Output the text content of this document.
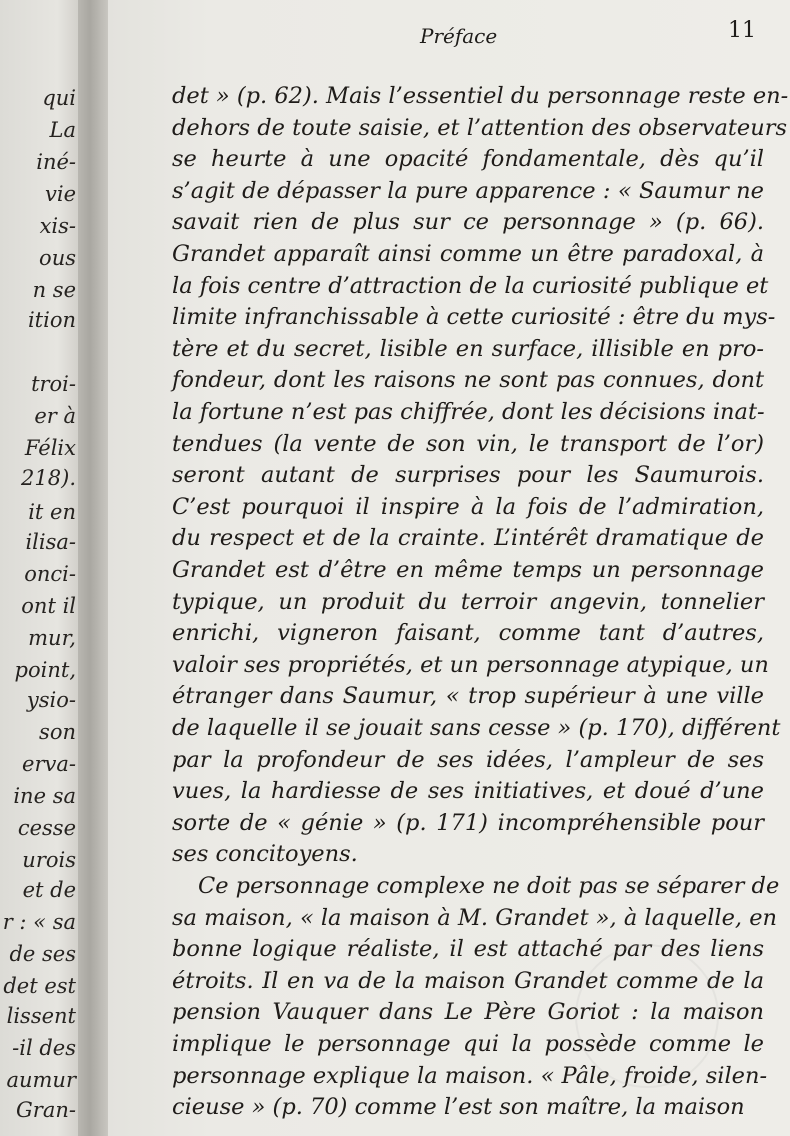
qui
La
iné-
vie
xis-
ous
n se
ition
troi-
er à
Félix
218).
it en
ilisa-
onci-
ont il
mur,
point,
ysio-
son
erva-
ine sa
cesse
urois
et de
r : « sa
de ses
det est
lissent
-il des
aumur
Gran-
Préface	11
det » (p. 62). Mais l’essentiel du personnage reste en-
dehors de toute saisie, et l’attention des observateurs
se heurte à une opacité fondamentale, dès qu’il
s’agit de dépasser la pure apparence : « Saumur ne
savait rien de plus sur ce personnage » (p. 66).
Grandet apparaît ainsi comme un être paradoxal, à
la fois centre d’attraction de la curiosité publique et
limite infranchissable à cette curiosité : être du mys-
tère et du secret, lisible en surface, illisible en pro-
fondeur, dont les raisons ne sont pas connues, dont
la fortune n’est pas chiffrée, dont les décisions inat-
tendues (la vente de son vin, le transport de l’or)
seront autant de surprises pour les Saumurois.
C’est pourquoi il inspire à la fois de l’admiration,
du respect et de la crainte. L’intérêt dramatique de
Grandet est d’être en même temps un personnage
typique, un produit du terroir angevin, tonnelier
enrichi, vigneron faisant, comme tant d’autres,
valoir ses propriétés, et un personnage atypique, un
étranger dans Saumur, « trop supérieur à une ville
de laquelle il se jouait sans cesse » (p. 170), différent
par la profondeur de ses idées, l’ampleur de ses
vues, la hardiesse de ses initiatives, et doué d’une
sorte de « génie » (p. 171) incompréhensible pour
ses concitoyens.
Ce personnage complexe ne doit pas se séparer de
sa maison, « la maison à M. Grandet », à laquelle, en
bonne logique réaliste, il est attaché par des liens
étroits. Il en va de la maison Grandet comme de la
pension Vauquer dans Le Père Goriot : la maison
implique le personnage qui la possède comme le
personnage explique la maison. « Pâle, froide, silen-
cieuse » (p. 70) comme l’est son maître, la maison
